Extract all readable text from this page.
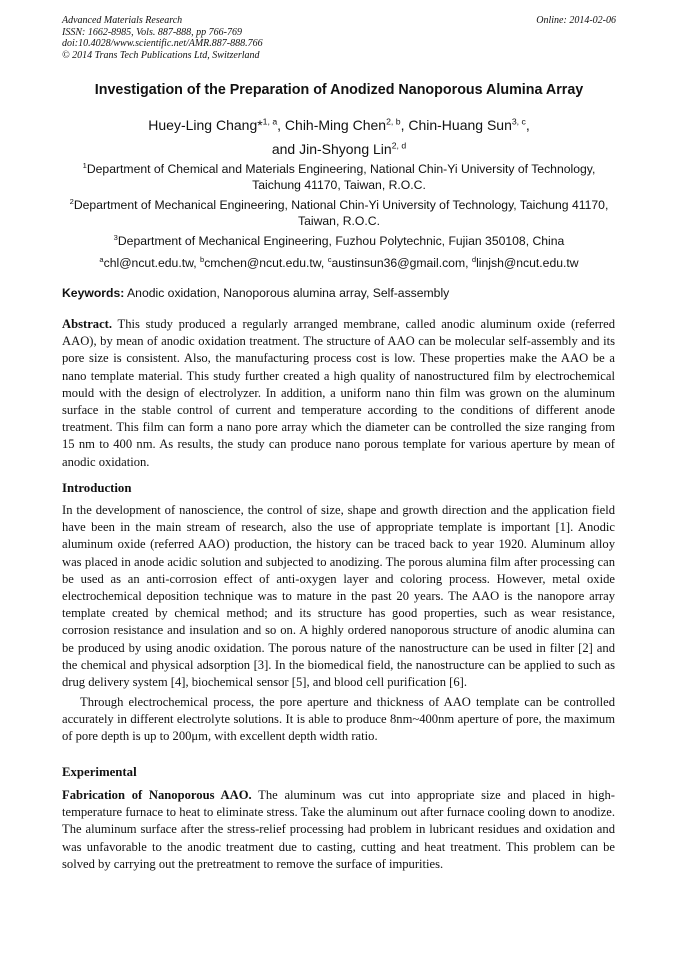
Advanced Materials Research
ISSN: 1662-8985, Vols. 887-888, pp 766-769
doi:10.4028/www.scientific.net/AMR.887-888.766
© 2014 Trans Tech Publications Ltd, Switzerland
Online: 2014-02-06
Investigation of the Preparation of Anodized Nanoporous Alumina Array
Huey-Ling Chang*$^{1, a}$, Chih-Ming Chen$^{2, b}$, Chin-Huang Sun$^{3, c}$,
and Jin-Shyong Lin$^{2, d}$
$^1$Department of Chemical and Materials Engineering, National Chin-Yi University of Technology, Taichung 41170, Taiwan, R.O.C.
$^2$Department of Mechanical Engineering, National Chin-Yi University of Technology, Taichung 41170, Taiwan, R.O.C.
$^3$Department of Mechanical Engineering, Fuzhou Polytechnic, Fujian 350108, China
$^a$chl@ncut.edu.tw, $^b$cmchen@ncut.edu.tw, $^c$austinsun36@gmail.com, $^d$linjsh@ncut.edu.tw
Keywords: Anodic oxidation, Nanoporous alumina array, Self-assembly
Abstract. This study produced a regularly arranged membrane, called anodic aluminum oxide (referred AAO), by mean of anodic oxidation treatment. The structure of AAO can be molecular self-assembly and its pore size is consistent. Also, the manufacturing process cost is low. These properties make the AAO be a nano template material. This study further created a high quality of nanostructured film by electrochemical mould with the design of electrolyzer. In addition, a uniform nano thin film was grown on the aluminum surface in the stable control of current and temperature according to the conditions of different anode treatment. This film can form a nano pore array which the diameter can be controlled the size ranging from 15 nm to 400 nm. As results, the study can produce nano porous template for various aperture by mean of anodic oxidation.
Introduction
In the development of nanoscience, the control of size, shape and growth direction and the application field have been in the main stream of research, also the use of appropriate template is important [1]. Anodic aluminum oxide (referred AAO) production, the history can be traced back to year 1920. Aluminum alloy was placed in anode acidic solution and subjected to anodizing. The porous alumina film after processing can be used as an anti-corrosion effect of anti-oxygen layer and coloring process. However, metal oxide electrochemical deposition technique was to mature in the past 20 years. The AAO is the nanopore array template created by chemical method; and its structure has good properties, such as wear resistance, corrosion resistance and insulation and so on. A highly ordered nanoporous structure of anodic alumina can be produced by using anodic oxidation. The porous nature of the nanostructure can be used in filter [2] and the chemical and physical adsorption [3]. In the biomedical field, the nanostructure can be applied to such as drug delivery system [4], biochemical sensor [5], and blood cell purification [6].
Through electrochemical process, the pore aperture and thickness of AAO template can be controlled accurately in different electrolyte solutions. It is able to produce 8nm~400nm aperture of pore, the maximum of pore depth is up to 200μm, with excellent depth width ratio.
Experimental
Fabrication of Nanoporous AAO. The aluminum was cut into appropriate size and placed in high-temperature furnace to heat to eliminate stress. Take the aluminum out after furnace cooling down to anodize. The aluminum surface after the stress-relief processing had problem in lubricant residues and oxidation and was unfavorable to the anodic treatment due to casting, cutting and heat treatment. This problem can be solved by carrying out the pretreatment to remove the surface of impurities.
